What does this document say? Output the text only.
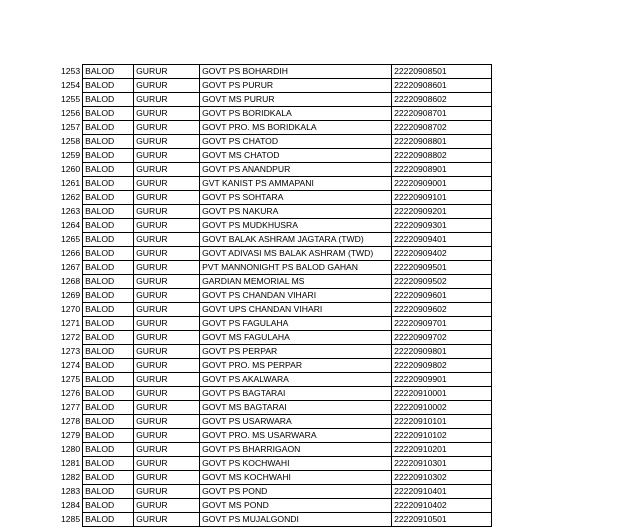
1253	BALOD	GURUR	GOVT PS BOHARDIH	22220908501
1254	BALOD	GURUR	GOVT PS PURUR	22220908601
1255	BALOD	GURUR	GOVT MS PURUR	22220908602
1256	BALOD	GURUR	GOVT PS BORIDKALA	22220908701
1257	BALOD	GURUR	GOVT PRO. MS BORIDKALA	22220908702
1258	BALOD	GURUR	GOVT PS CHATOD	22220908801
1259	BALOD	GURUR	GOVT MS CHATOD	22220908802
1260	BALOD	GURUR	GOVT PS ANANDPUR	22220908901
1261	BALOD	GURUR	GVT KANIST PS AMMAPANI	22220909001
1262	BALOD	GURUR	GOVT PS SOHTARA	22220909101
1263	BALOD	GURUR	GOVT PS NAKURA	22220909201
1264	BALOD	GURUR	GOVT PS MUDKHUSRA	22220909301
1265	BALOD	GURUR	GOVT BALAK ASHRAM JAGTARA (TWD)	22220909401
1266	BALOD	GURUR	GOVT ADIVASI MS BALAK ASHRAM (TWD)	22220909402
1267	BALOD	GURUR	PVT MANNONIGHT PS BALOD GAHAN	22220909501
1268	BALOD	GURUR	GARDIAN MEMORIAL MS	22220909502
1269	BALOD	GURUR	GOVT PS CHANDAN VIHARI	22220909601
1270	BALOD	GURUR	GOVT UPS CHANDAN VIHARI	22220909602
1271	BALOD	GURUR	GOVT PS FAGULAHA	22220909701
1272	BALOD	GURUR	GOVT MS FAGULAHA	22220909702
1273	BALOD	GURUR	GOVT PS PERPAR	22220909801
1274	BALOD	GURUR	GOVT PRO. MS PERPAR	22220909802
1275	BALOD	GURUR	GOVT PS AKALWARA	22220909901
1276	BALOD	GURUR	GOVT PS BAGTARAI	22220910001
1277	BALOD	GURUR	GOVT MS BAGTARAI	22220910002
1278	BALOD	GURUR	GOVT PS USARWARA	22220910101
1279	BALOD	GURUR	GOVT PRO. MS USARWARA	22220910102
1280	BALOD	GURUR	GOVT PS BHARRIGAON	22220910201
1281	BALOD	GURUR	GOVT PS KOCHWAHI	22220910301
1282	BALOD	GURUR	GOVT MS KOCHWAHI	22220910302
1283	BALOD	GURUR	GOVT PS POND	22220910401
1284	BALOD	GURUR	GOVT MS POND	22220910402
1285	BALOD	GURUR	GOVT PS MUJALGONDI	22220910501
